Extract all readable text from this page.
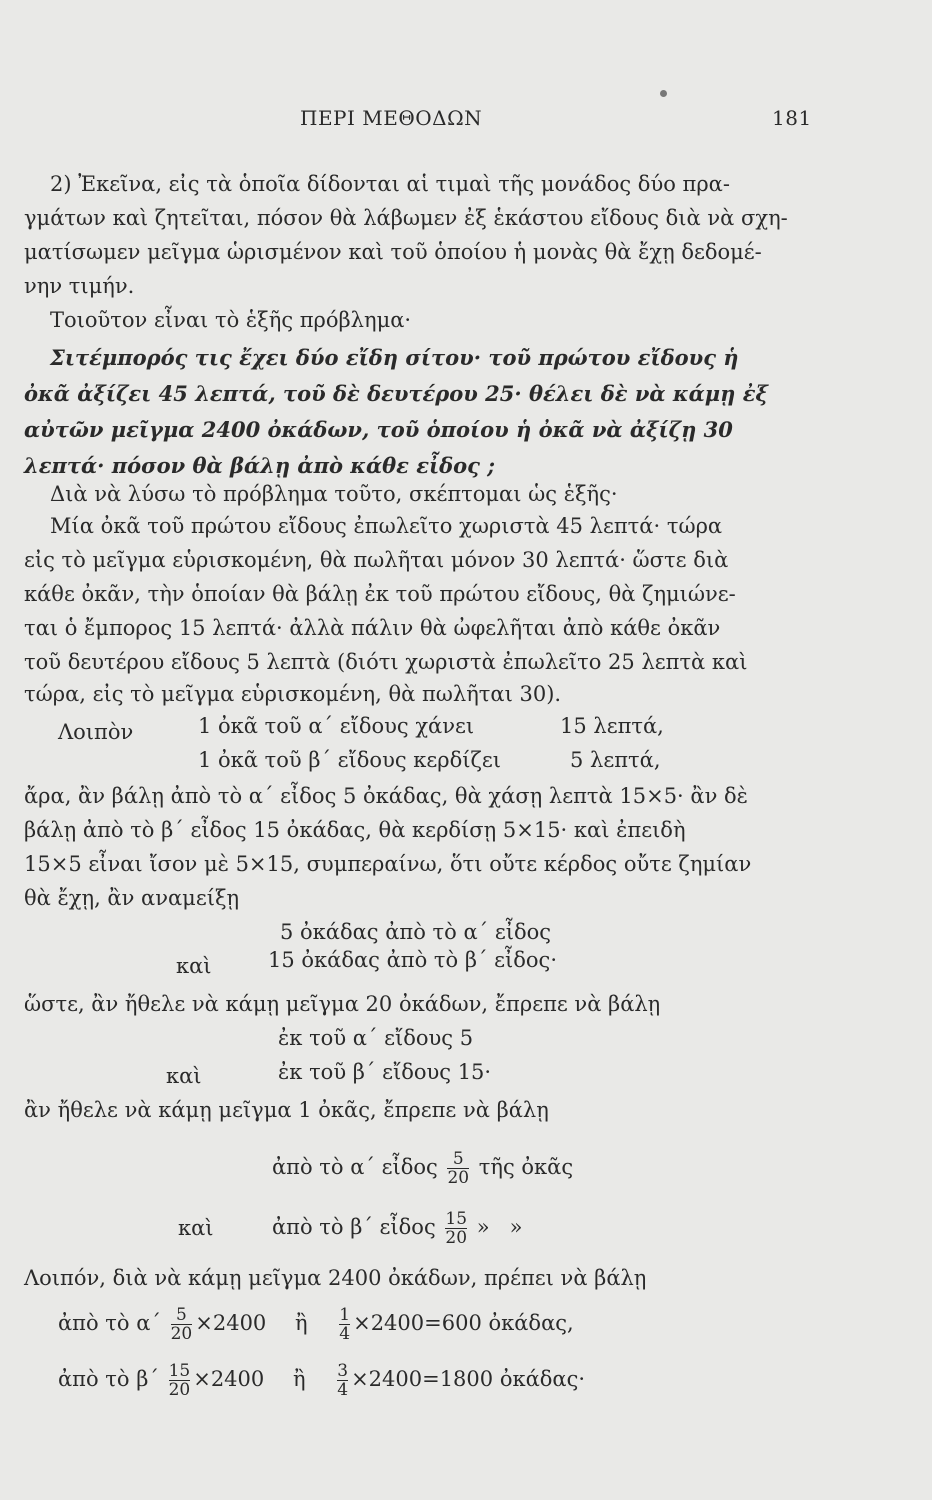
ΠΕΡΙ ΜΕΘΟΔΩΝ	181
2) Ἐκεῖνα, εἰς τὰ ὁποῖα δίδονται αἱ τιμαὶ τῆς μονάδος δύο πρα-
γμάτων καὶ ζητεῖται, πόσον θὰ λάβωμεν ἐξ ἑκάστου εἴδους διὰ νὰ σχη-
ματίσωμεν μεῖγμα ὡρισμένον καὶ τοῦ ὁποίου ἡ μονὰς θὰ ἔχῃ δεδομέ-
νην τιμήν.
Τοιοῦτον εἶναι τὸ ἑξῆς πρόβλημα·
Σιτέμπορός τις ἔχει δύο εἴδη σίτου· τοῦ πρώτου εἴδους ἡ
ὀκᾶ ἀξίζει 45 λεπτά, τοῦ δὲ δευτέρου 25· θέλει δὲ νὰ κάμῃ ἐξ
αὐτῶν μεῖγμα 2400 ὀκάδων, τοῦ ὁποίου ἡ ὀκᾶ νὰ ἀξίζῃ 30
λεπτά· πόσον θὰ βάλῃ ἀπὸ κάθε εἶδος ;
Διὰ νὰ λύσω τὸ πρόβλημα τοῦτο, σκέπτομαι ὡς ἑξῆς·
Μία ὀκᾶ τοῦ πρώτου εἴδους ἐπωλεῖτο χωριστὰ 45 λεπτά· τώρα
εἰς τὸ μεῖγμα εὑρισκομένη, θὰ πωλῆται μόνον 30 λεπτά· ὥστε διὰ
κάθε ὀκᾶν, τὴν ὁποίαν θὰ βάλῃ ἐκ τοῦ πρώτου εἴδους, θὰ ζημιώνε-
ται ὁ ἔμπορος 15 λεπτά· ἀλλὰ πάλιν θὰ ὠφελῆται ἀπὸ κάθε ὀκᾶν
τοῦ δευτέρου εἴδους 5 λεπτὰ (διότι χωριστὰ ἐπωλεῖτο 25 λεπτὰ καὶ
τώρα, εἰς τὸ μεῖγμα εὑρισκομένη, θὰ πωλῆται 30).
Λοιπὸν	1 ὀκᾶ τοῦ α΄ εἴδους χάνει	15 λεπτά,
1 ὀκᾶ τοῦ β΄ εἴδους κερδίζει	5 λεπτά,
ἄρα, ἂν βάλῃ ἀπὸ τὸ α΄ εἶδος 5 ὀκάδας, θὰ χάσῃ λεπτὰ 15×5· ἂν δὲ
βάλῃ ἀπὸ τὸ β΄ εἶδος 15 ὀκάδας, θὰ κερδίσῃ 5×15· καὶ ἐπειδὴ
15×5 εἶναι ἴσον μὲ 5×15, συμπεραίνω, ὅτι οὔτε κέρδος οὔτε ζημίαν
θὰ ἔχῃ, ἂν αναμείξῃ
5 ὀκάδας ἀπὸ τὸ α΄ εἶδος
καὶ	15 ὀκάδας ἀπὸ τὸ β΄ εἶδος·
ὥστε, ἂν ἤθελε νὰ κάμῃ μεῖγμα 20 ὀκάδων, ἔπρεπε νὰ βάλῃ
ἐκ τοῦ α΄ εἴδους 5
καὶ	ἐκ τοῦ β΄ εἴδους 15·
ἂν ἤθελε νὰ κάμῃ μεῖγμα 1 ὀκᾶς, ἔπρεπε νὰ βάλῃ
ἀπὸ τὸ α΄ εἶδος $\frac{5}{20}$ τῆς ὀκᾶς
καὶ	ἀπὸ τὸ β΄ εἶδος $\frac{15}{20}$ »   »
Λοιπόν, διὰ νὰ κάμῃ μεῖγμα 2400 ὀκάδων, πρέπει νὰ βάλῃ
ἀπὸ τὸ $\alpha΄ \frac{5}{20} \times 2400$ ἢ $\frac{1}{4} \times 2400=600$ ὀκάδας,
ἀπὸ τὸ $\beta΄ \frac{15}{20} \times 2400$ ἢ $\frac{3}{4} \times 2400=1800$ ὀκάδας·
